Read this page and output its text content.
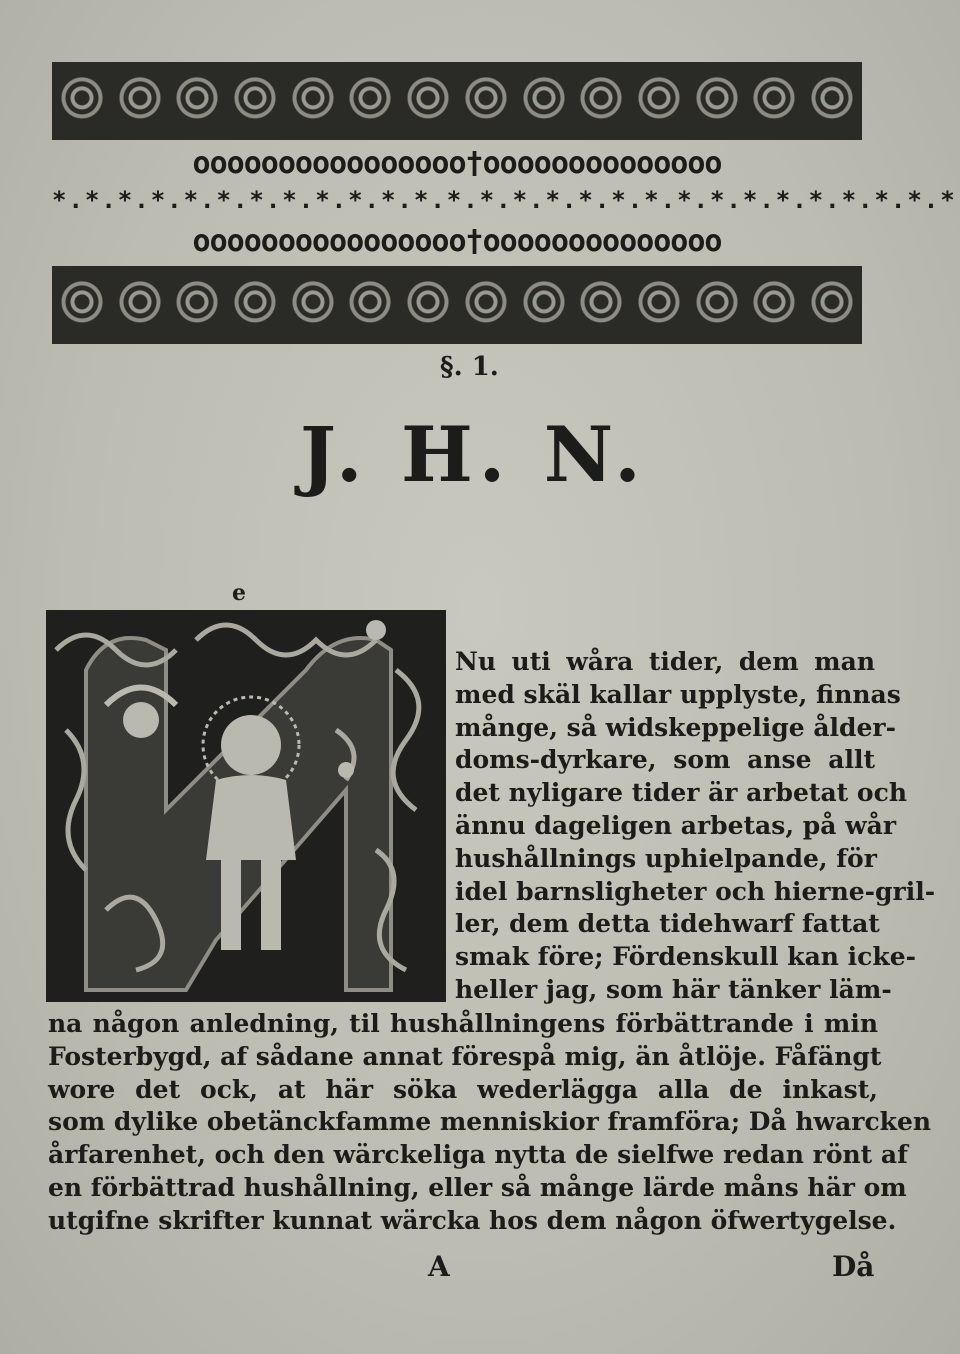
oooooooooooooooo†oooooooooooooo
*.*.*.*.*.*.*.*.*.*.*.*.*.*.*.*.*.*.*.*.*.*.*.*.*.*.*.*
oooooooooooooooo†oooooooooooooo
§. 1.
J. H. N.
e
Nu uti wåra tider, dem man
med skäl kallar upplyste, finnas
månge, så widskeppelige ålder-
doms-dyrkare, som anse allt
det nyligare tider är arbetat och
ännu dageligen arbetas, på wår
hushållnings uphielpande, för
idel barnsligheter och hierne-gril-
ler, dem detta tidehwarf fattat
smak före; Fördenskull kan icke-
heller jag, som här tänker läm-
na någon anledning, til hushållningens förbättrande i min
Fosterbygd, af sådane annat förespå mig, än åtlöje. Fåfängt
wore det ock, at här söka wederlägga alla de inkast,
som dylike obetänckfamme menniskior framföra; Då hwarcken
årfarenhet, och den wärckeliga nytta de sielfwe redan rönt af
en förbättrad hushållning, eller så månge lärde måns här om
utgifne skrifter kunnat wärcka hos dem någon öfwertygelse.
A	Då
